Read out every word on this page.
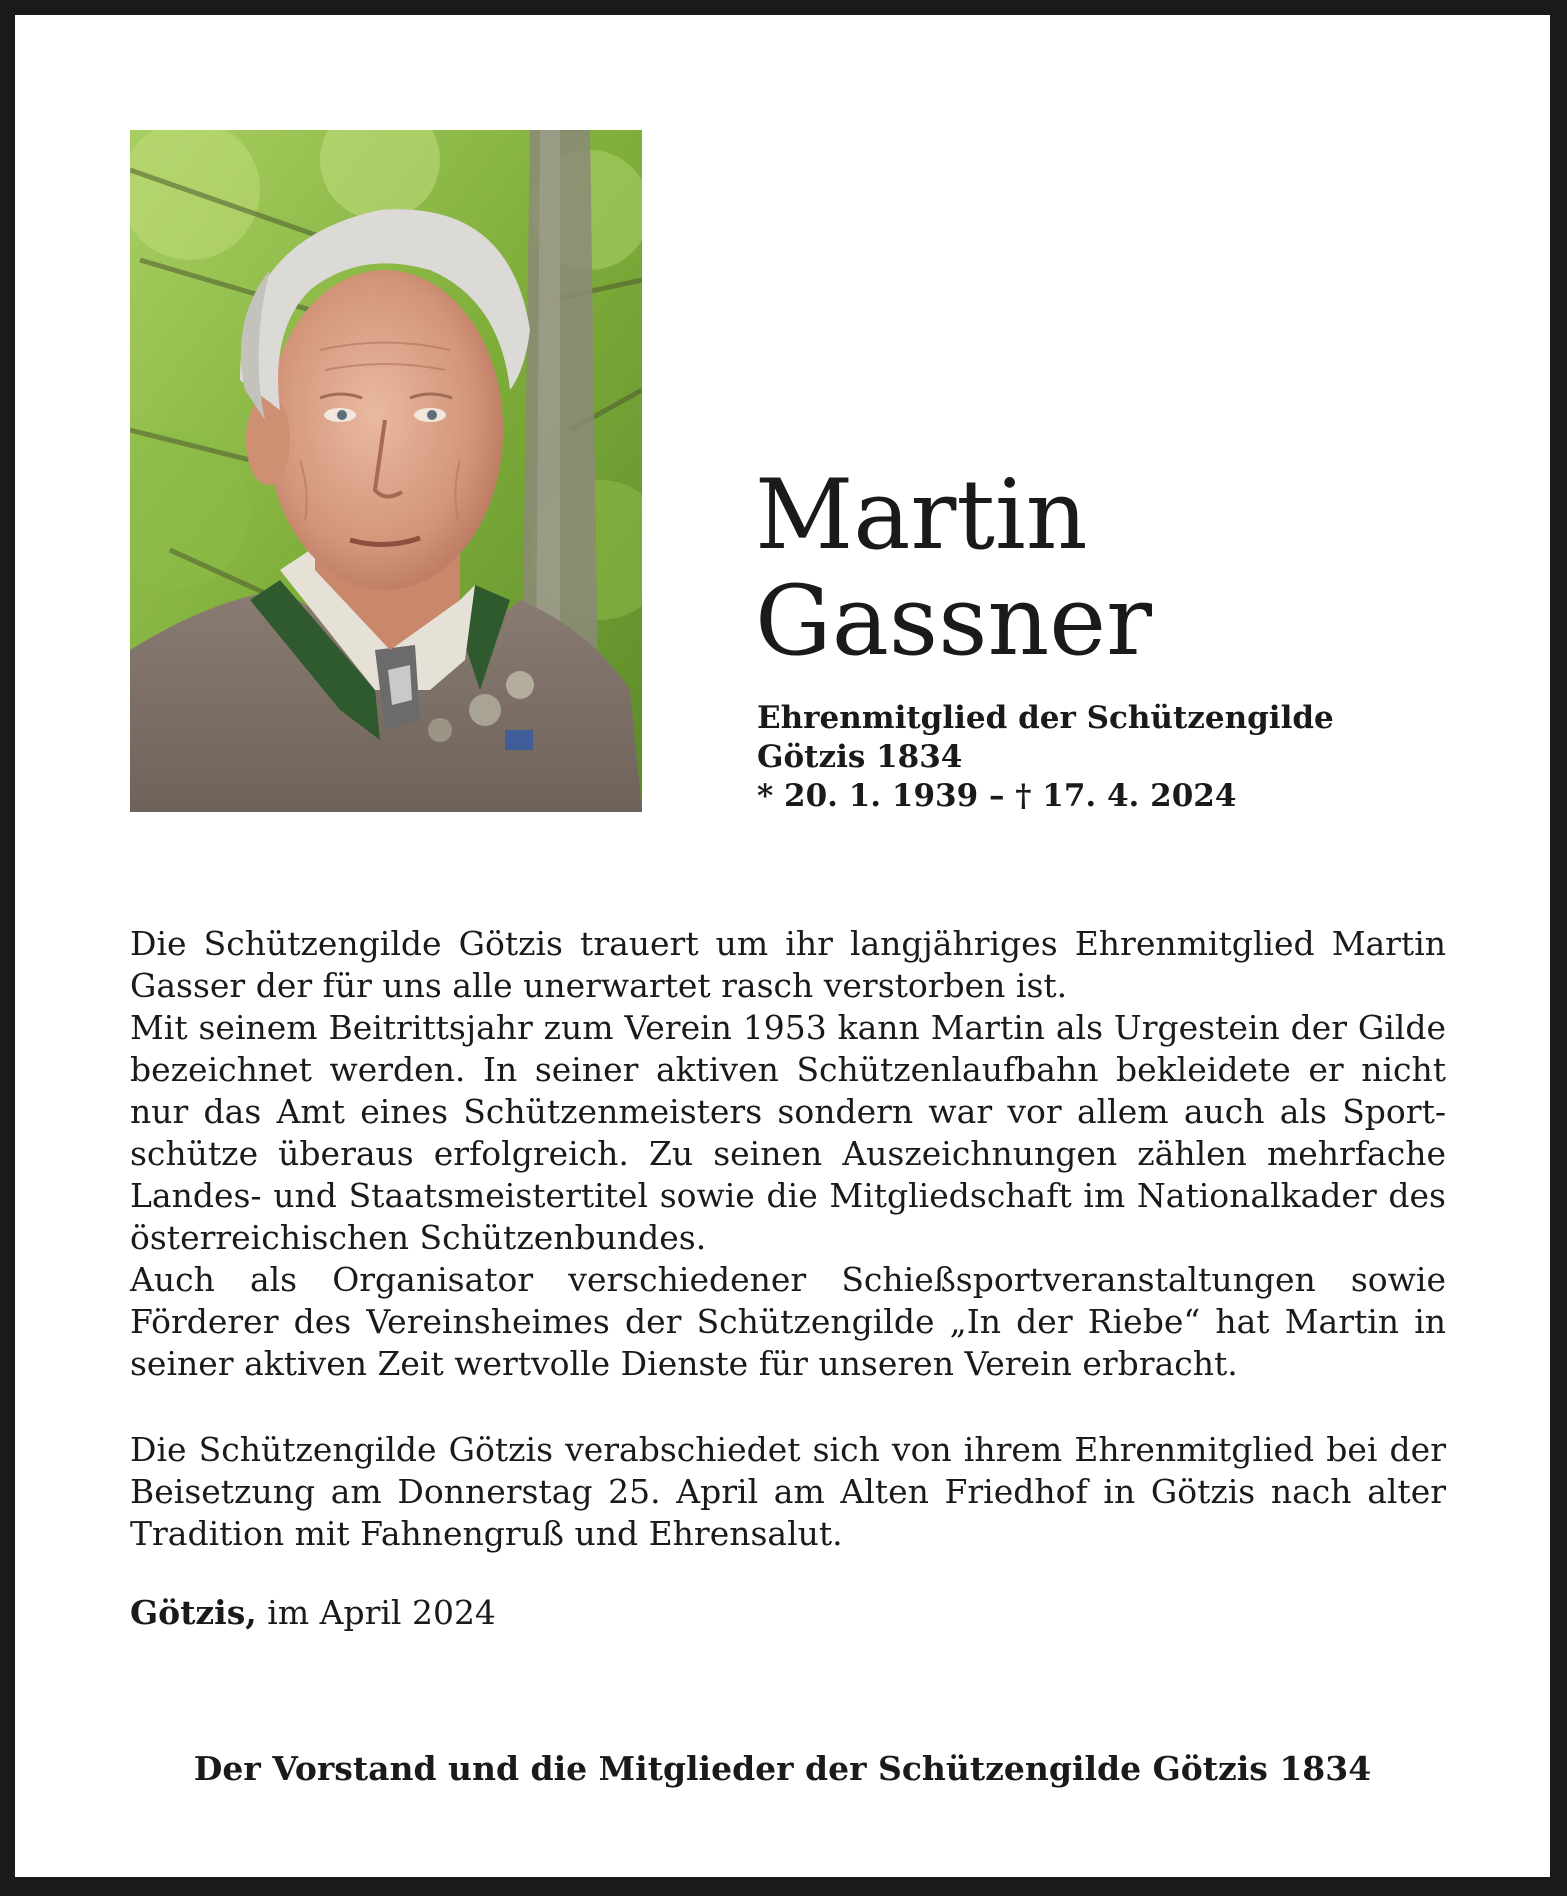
Martin
Gassner
Ehrenmitglied der Schützengilde
Götzis 1834
* 20. 1. 1939 – † 17. 4. 2024

Die Schützengilde Götzis trauert um ihr langjähriges Ehrenmitglied Martin Gasser der für uns alle unerwartet rasch verstorben ist.

Mit seinem Beitrittsjahr zum Verein 1953 kann Martin als Urgestein der Gilde bezeichnet werden. In seiner aktiven Schützenlaufbahn bekleidete er nicht nur das Amt eines Schützenmeisters sondern war vor allem auch als Sport-schütze überaus erfolgreich. Zu seinen Auszeichnungen zählen mehrfache Landes- und Staatsmeistertitel sowie die Mitgliedschaft im Nationalkader des österreichischen Schützenbundes.

Auch als Organisator verschiedener Schießsportveranstaltungen sowie Förderer des Vereinsheimes der Schützengilde „In der Riebe“ hat Martin in seiner aktiven Zeit wertvolle Dienste für unseren Verein erbracht.

Die Schützengilde Götzis verabschiedet sich von ihrem Ehrenmitglied bei der Beisetzung am Donnerstag 25. April am Alten Friedhof in Götzis nach alter Tradition mit Fahnengruß und Ehrensalut.

Götzis, im April 2024
Der Vorstand und die Mitglieder der Schützengilde Götzis 1834
